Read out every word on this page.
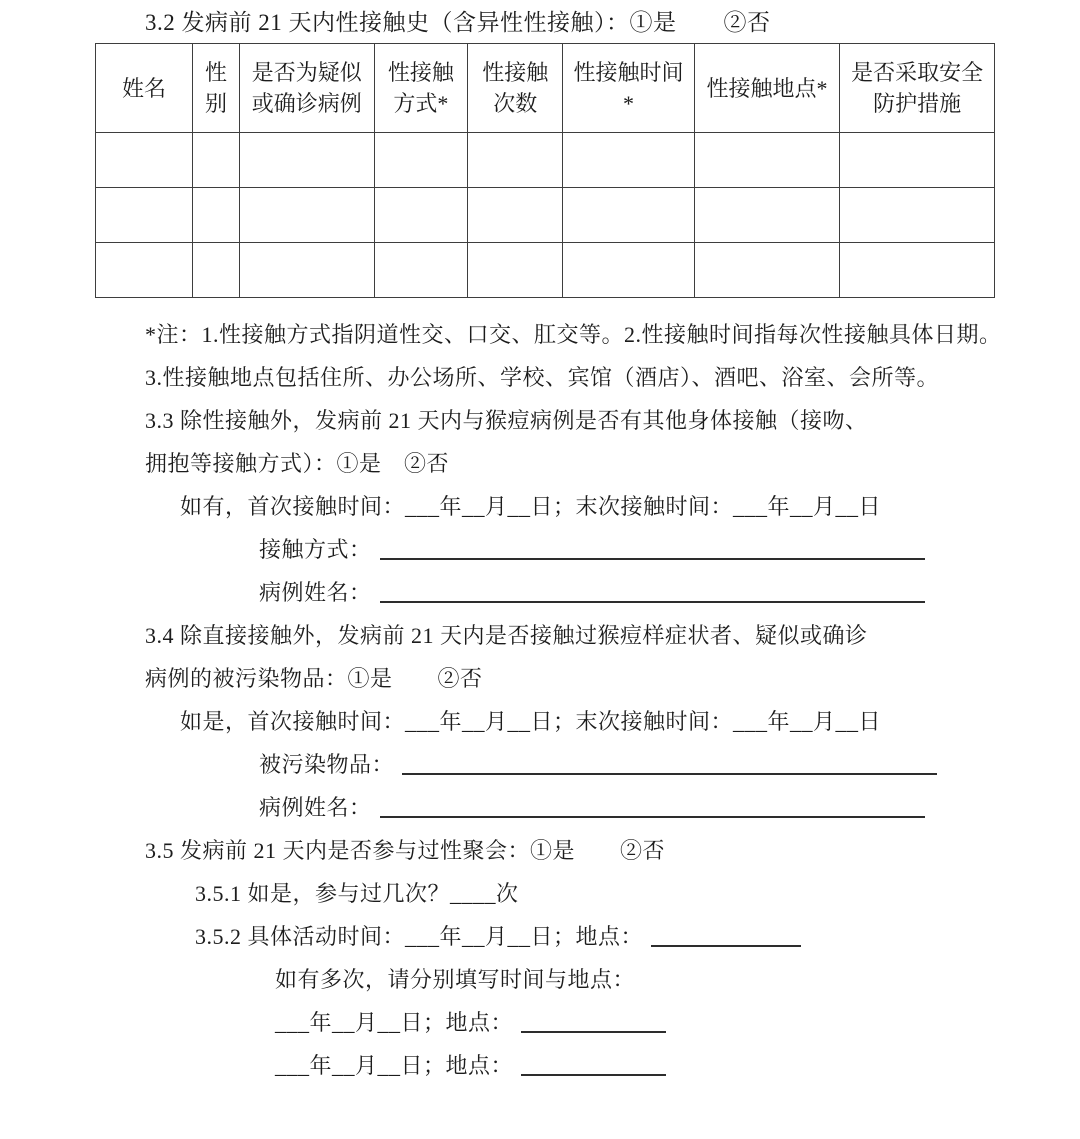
3.2 发病前 21 天内性接触史（含异性性接触）：①是　　②否
姓名	性别	是否为疑似或确诊病例	性接触方式*	性接触次数	性接触时间*	性接触地点*	是否采取安全防护措施

*注：1.性接触方式指阴道性交、口交、肛交等。2.性接触时间指每次性接触具体日期。
3.性接触地点包括住所、办公场所、学校、宾馆（酒店）、酒吧、浴室、会所等。
3.3 除性接触外，发病前 21 天内与猴痘病例是否有其他身体接触（接吻、
拥抱等接触方式）：①是　②否
如有，首次接触时间：___年__月__日；末次接触时间：___年__月__日
接触方式：
病例姓名：
3.4 除直接接触外，发病前 21 天内是否接触过猴痘样症状者、疑似或确诊
病例的被污染物品：①是　　②否
如是，首次接触时间：___年__月__日；末次接触时间：___年__月__日
被污染物品：
病例姓名：
3.5 发病前 21 天内是否参与过性聚会：①是　　②否
3.5.1 如是，参与过几次？____次
3.5.2 具体活动时间：___年__月__日；地点：
如有多次，请分别填写时间与地点：
___年__月__日；地点：
___年__月__日；地点：
